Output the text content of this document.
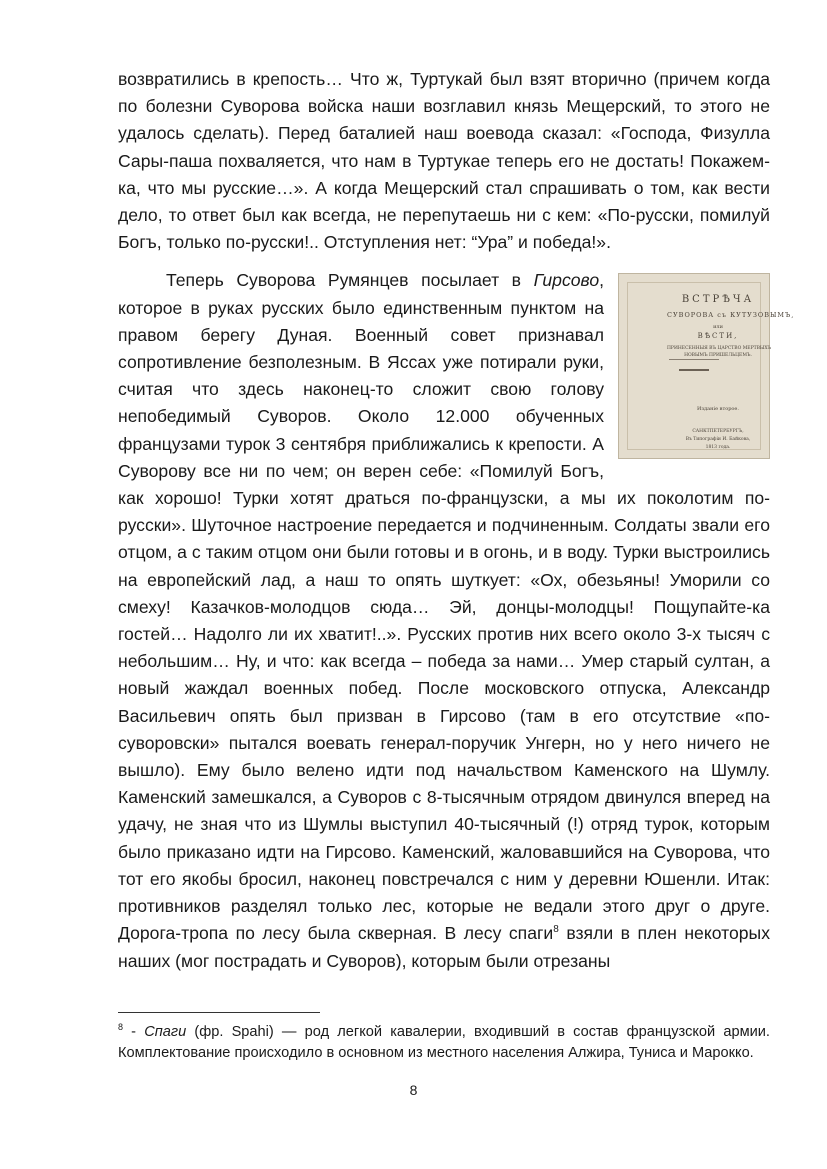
возвратились в крепость… Что ж, Туртукай был взят вторично (причем когда по болезни Суворова войска наши возглавил князь Мещерский, то этого не удалось сделать). Перед баталией наш воевода сказал: «Господа, Физулла Сары-паша похваляется, что нам в Туртукае теперь его не достать! Покажем-ка, что мы русские…». А когда Мещерский стал спрашивать о том, как вести дело, то ответ был как всегда, не перепутаешь ни с кем: «По-русски, помилуй Богъ, только по-русски!.. Отступления нет: “Ура” и победа!».

Теперь Суворова Румянцев посылает в Гирсово
ВСТРѢЧА
СУВОРОВА съ КУТУЗОВЫМЪ,
или
ВѢСТИ,
ПРИНЕСЕННЫЯ ВЪ ЦАРСТВО МЕРТВЫХЪ
НОВЫМЪ ПРИШЕЛЬЦЕМЪ.
Изданіе второе.
САНКТПЕТЕРБУРГЪ,
Въ Типографіи И. Байкова,
1813 года.
, которое в руках русских было единственным пунктом на правом берегу Дуная. Военный совет признавал сопротивление безполезным. В Яссах уже потирали руки, считая что здесь наконец-то сложит свою голову непобедимый Суворов. Около 12.000 обученных французами турок 3 сентября приближались к крепости. А Суворову все ни по чем; он верен себе: «Помилуй Богъ, как хорошо! Турки хотят драться по-французски, а мы их поколотим по-русски». Шуточное настроение передается и подчиненным. Солдаты звали его отцом, а с таким отцом они были готовы и в огонь, и в воду. Турки выстроились на европейский лад, а наш то опять шуткует: «Ох, обезьяны! Уморили со смеху! Казачков-молодцов сюда… Эй, донцы-молодцы! Пощупайте-ка гостей… Надолго ли их хватит!..». Русских против них всего около 3-х тысяч с небольшим… Ну, и что: как всегда – победа за нами… Умер старый султан, а новый жаждал военных побед. После московского отпуска, Александр Васильевич опять был призван в Гирсово (там в его отсутствие «по-суворовски» пытался воевать генерал-поручик Унгерн, но у него ничего не вышло). Ему было велено идти под начальством Каменского на Шумлу. Каменский замешкался, а Суворов с 8-тысячным отрядом двинулся вперед на удачу, не зная что из Шумлы выступил 40-тысячный (!) отряд турок, которым было приказано идти на Гирсово. Каменский, жаловавшийся на Суворова, что тот его якобы бросил, наконец повстречался с ним у деревни Юшенли. Итак: противников разделял только лес, которые не ведали этого друг о друге. Дорога-тропа по лесу была скверная. В лесу спаги$^8$ взяли в плен некоторых наших (мог пострадать и Суворов), которым были отрезаны

$^8$ - Спаги (фр. Spahi) — род легкой кавалерии, входивший в состав французской армии. Комплектование происходило в основном из местного населения Алжира, Туниса и Марокко.

8
